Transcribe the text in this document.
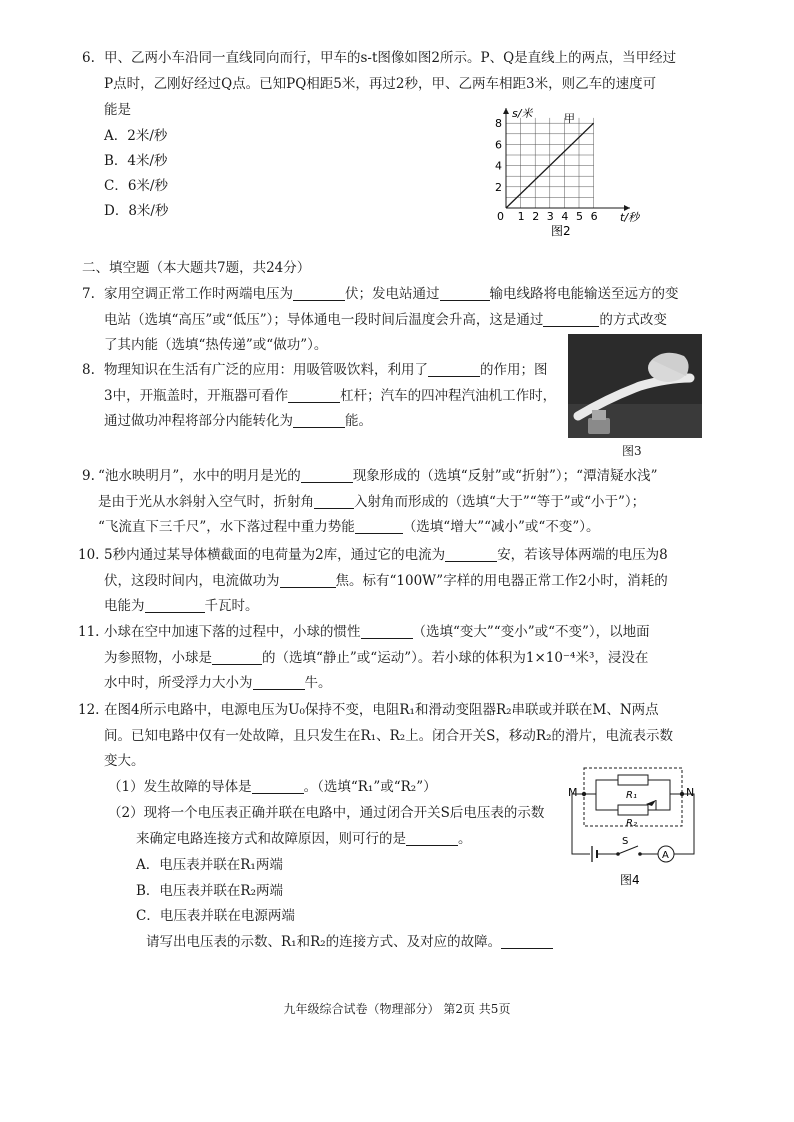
6. 甲、乙两小车沿同一直线同向而行，甲车的s-t图像如图2所示。P、Q是直线上的两点，当甲经过
P点时，乙刚好经过Q点。已知PQ相距5米，再过2秒，甲、乙两车相距3米，则乙车的速度可
能是
A．2米/秒
B．4米/秒
C．6米/秒
D．8米/秒	1 2 3 4 5 6
2
4
6
8
0
s/米	甲
t/秒
图2
二、填空题（本大题共7题，共24分）
7. 家用空调正常工作时两端电压为	伏；发电站通过	输电线路将电能输送至远方的变
电站（选填“高压”或“低压”）；导体通电一段时间后温度会升高，这是通过	的方式改变
了其内能（选填“热传递”或“做功”）。
8. 物理知识在生活有广泛的应用：用吸管吸饮料，利用了	的作用；图
3中，开瓶盖时，开瓶器可看作	杠杆；汽车的四冲程汽油机工作时，
通过做功冲程将部分内能转化为	能。
图3
9. “池水映明月”，水中的明月是光的	现象形成的（选填“反射”或“折射”）；“潭清疑水浅”
是由于光从水斜射入空气时，折射角	入射角而形成的（选填“大于”“等于”或“小于”）；
“飞流直下三千尺”，水下落过程中重力势能	（选填“增大”“减小”或“不变”）。
10. 5秒内通过某导体横截面的电荷量为2库，通过它的电流为	安，若该导体两端的电压为8
伏，这段时间内，电流做功为	焦。标有“100W”字样的用电器正常工作2小时，消耗的
电能为	千瓦时。
11. 小球在空中加速下落的过程中，小球的惯性	（选填“变大”“变小”或“不变”），以地面
为参照物，小球是	的（选填“静止”或“运动”）。若小球的体积为1×10⁻⁴米³，浸没在
水中时，所受浮力大小为	牛。
12. 在图4所示电路中，电源电压为U₀保持不变，电阻R₁和滑动变阻器R₂串联或并联在M、N两点
间。已知电路中仅有一处故障，且只发生在R₁、R₂上。闭合开关S，移动R₂的滑片，电流表示数
变大。
（1）发生故障的导体是	。（选填“R₁”或“R₂”）
（2）现将一个电压表正确并联在电路中，通过闭合开关S后电压表的示数
来确定电路连接方式和故障原因，则可行的是	。
A．电压表并联在R₁两端
B．电压表并联在R₂两端
C．电压表并联在电源两端
请写出电压表的示数、R₁和R₂的连接方式、及对应的故障。
M	N
R₁
R₂
S
A
图4
九年级综合试卷（物理部分） 第2页 共5页
